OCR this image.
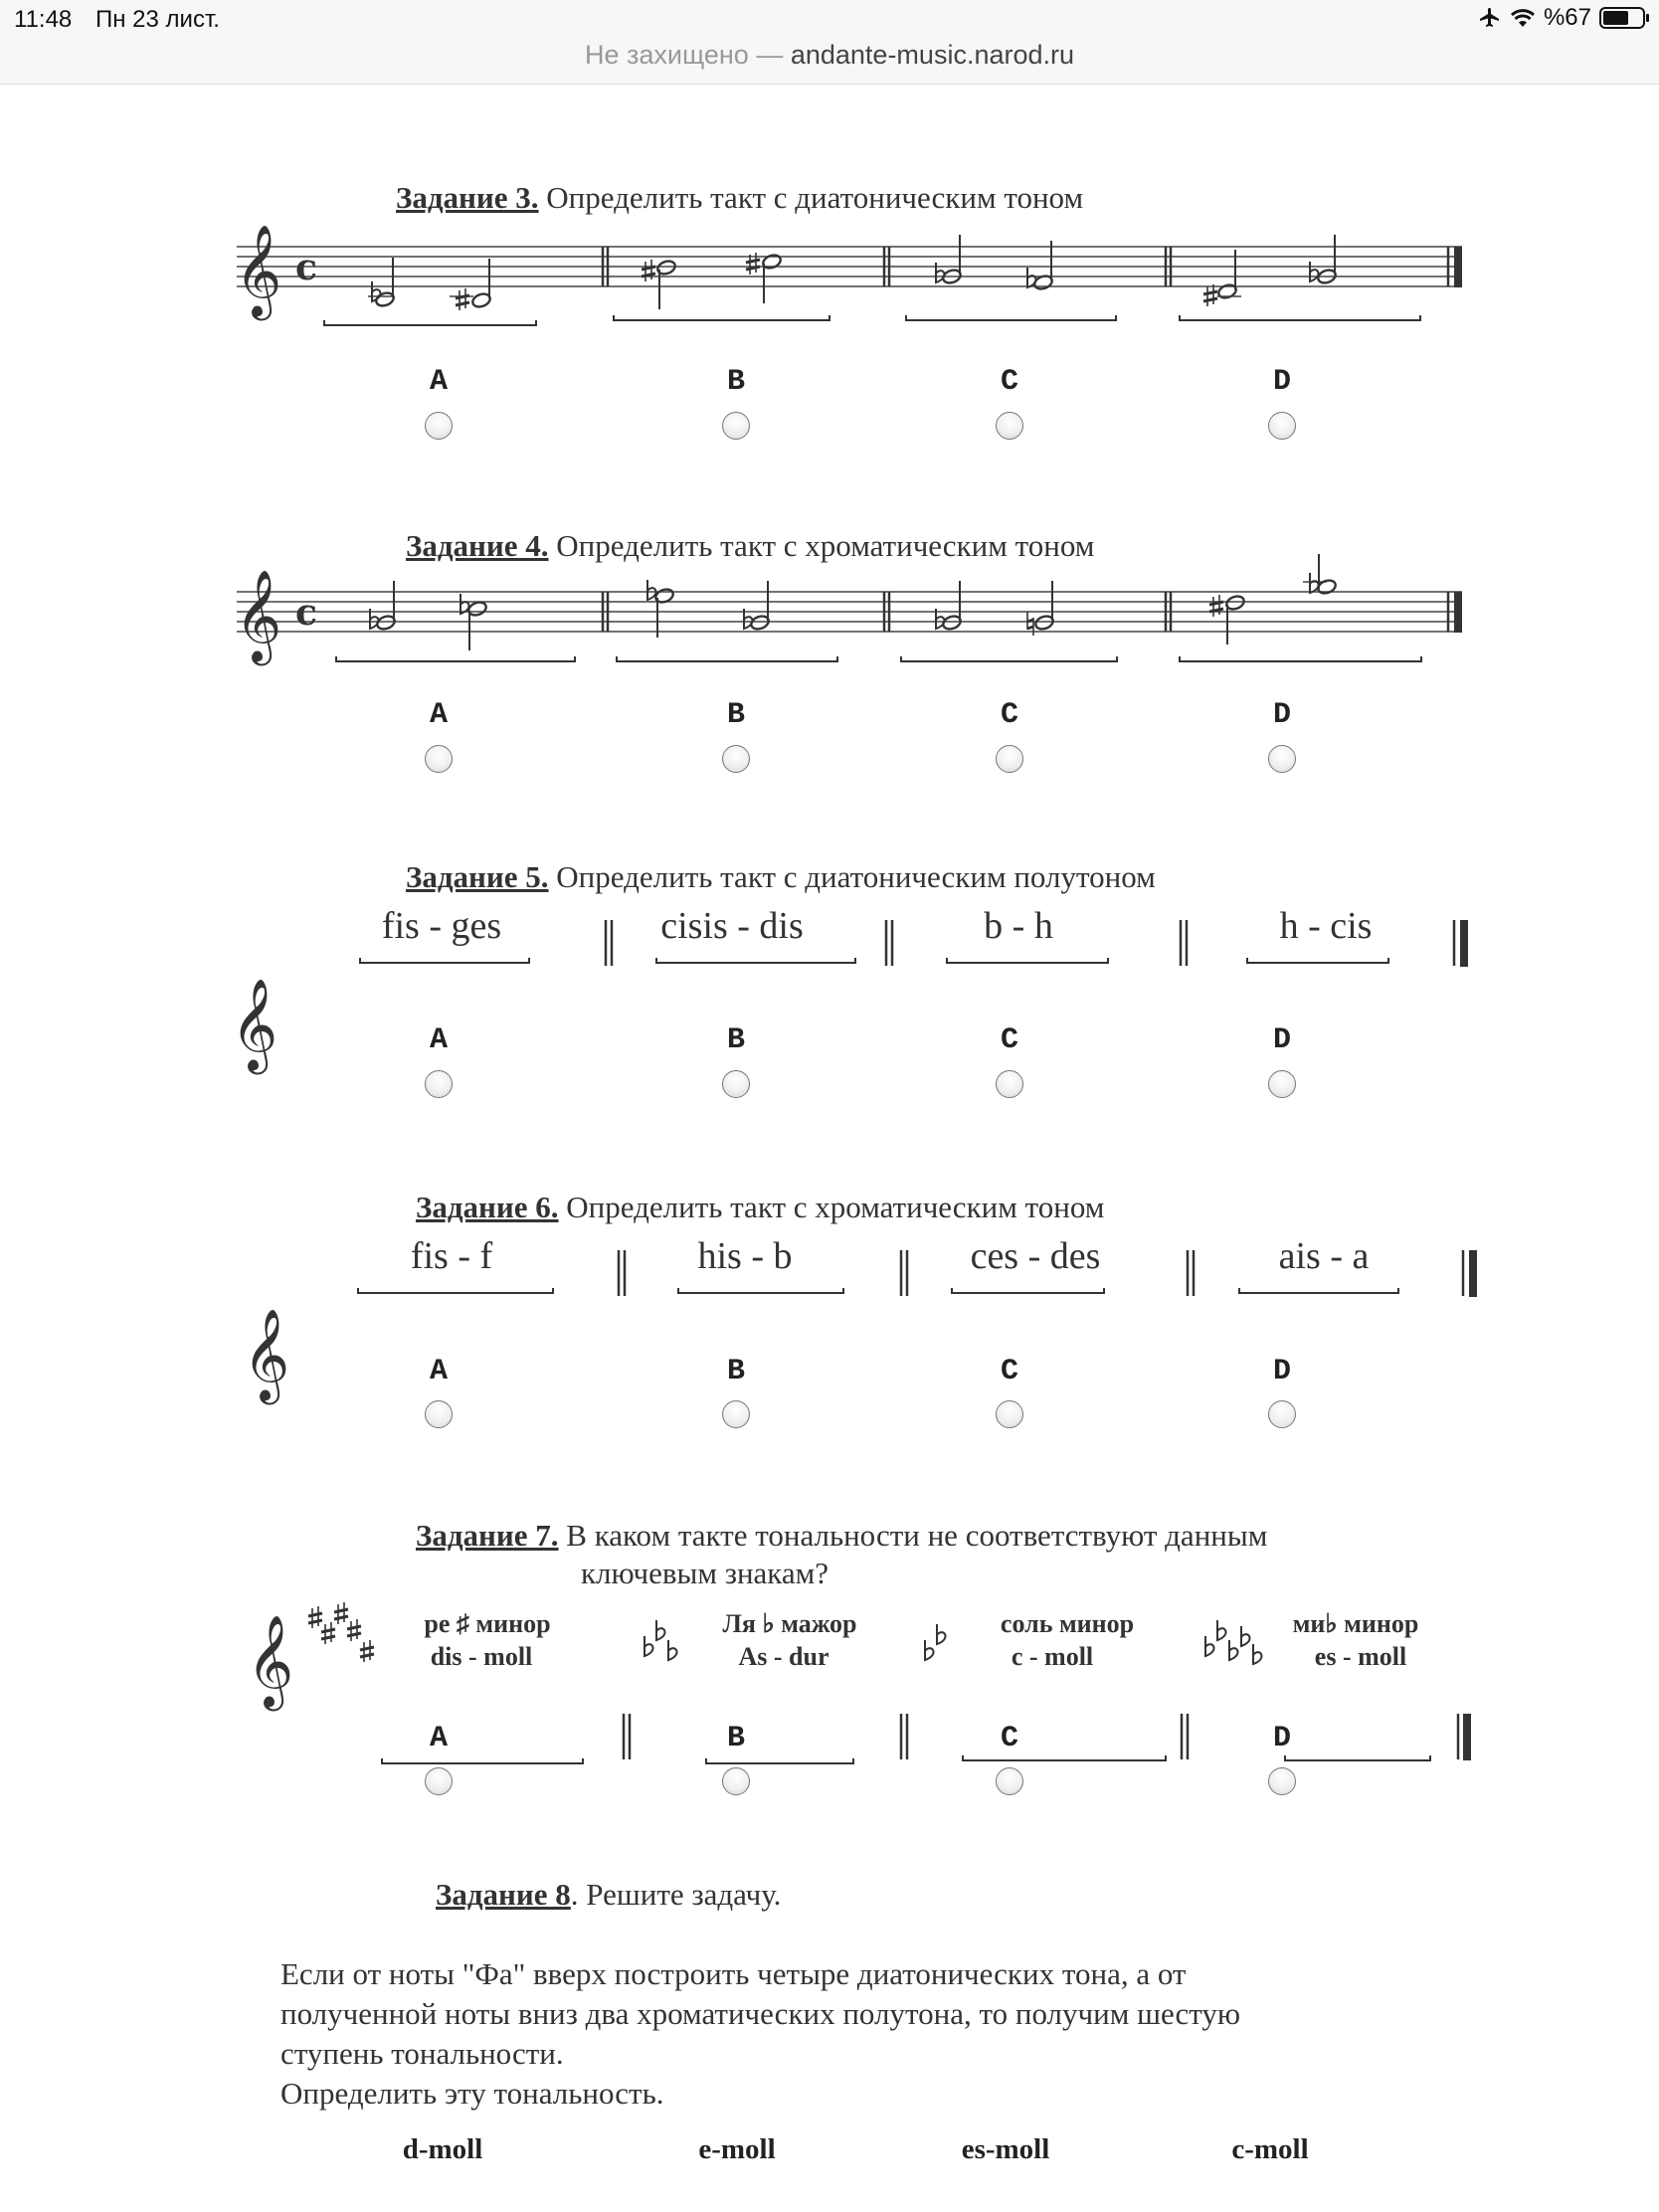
11:48 Пн 23 лист.	%67
Не захищено — andante-music.narod.ru
Задание 3. Определить такт с диатоническим тоном
Задание 4. Определить такт с хроматическим тоном
Задание 5. Определить такт с диатоническим полутоном
Задание 6. Определить такт с хроматическим тоном
Задание 7. В каком такте тональности не соответствуют данным
ключевым знакам?
Задание 8. Решите задачу.
𝄞 c
𝄞 c
𝄞
fis - ges	cisis - dis	b - h	h - cis
𝄞
fis - f	his - b	ces - des	ais - a
𝄞	ре ♯ минор
dis - moll
Ля ♭ мажор
As - dur
соль минор
c - moll
ми♭ минор
es - moll
A	B	C	D
A	B	C	D
A	B	C	D
A	B	C	D
A	B	C	D
Если от ноты "Фа" вверх построить четыре диатонических тона, а от
полученной ноты вниз два хроматических полутона, то получим шестую
ступень тональности.
Определить эту тональность.
d-moll	e-moll	es-moll	c-moll
